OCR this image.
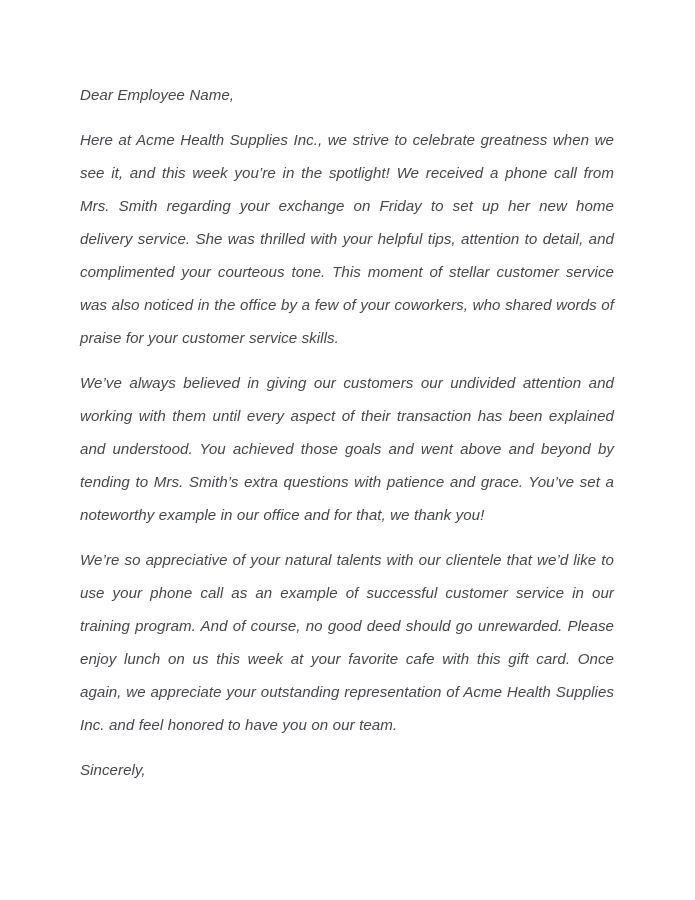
Dear Employee Name,

Here at Acme Health Supplies Inc., we strive to celebrate greatness when we see it, and this week you’re in the spotlight! We received a phone call from Mrs. Smith regarding your exchange on Friday to set up her new home delivery service. She was thrilled with your helpful tips, attention to detail, and complimented your courteous tone. This moment of stellar customer service was also noticed in the office by a few of your coworkers, who shared words of praise for your customer service skills.

We’ve always believed in giving our customers our undivided attention and working with them until every aspect of their transaction has been explained and understood. You achieved those goals and went above and beyond by tending to Mrs. Smith’s extra questions with patience and grace. You’ve set a noteworthy example in our office and for that, we thank you!

We’re so appreciative of your natural talents with our clientele that we’d like to use your phone call as an example of successful customer service in our training program. And of course, no good deed should go unrewarded. Please enjoy lunch on us this week at your favorite cafe with this gift card. Once again, we appreciate your outstanding representation of Acme Health Supplies Inc. and feel honored to have you on our team.

Sincerely,
